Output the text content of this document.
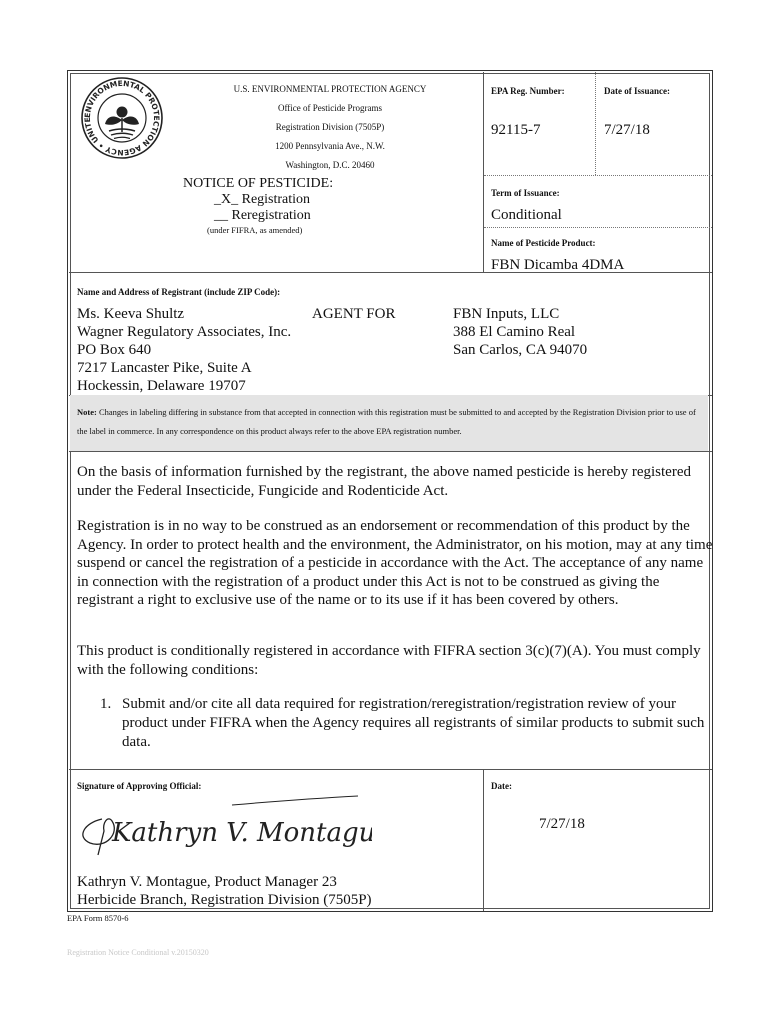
ENVIRONMENTAL PROTECTION AGENCY • UNITE
U.S. ENVIRONMENTAL PROTECTION AGENCY
Office of Pesticide Programs
Registration Division (7505P)
1200 Pennsylvania Ave., N.W.
Washington, D.C. 20460
NOTICE OF PESTICIDE:
_X_ Registration
__ Reregistration
(under FIFRA, as amended)
EPA Reg. Number:
92115-7
Date of Issuance:
7/27/18
Term of Issuance:
Conditional
Name of Pesticide Product:
FBN Dicamba 4DMA
Name and Address of Registrant (include ZIP Code):
Ms. Keeva Shultz
Wagner Regulatory Associates, Inc.
PO Box 640
7217 Lancaster Pike, Suite A
Hockessin, Delaware 19707
AGENT FOR	FBN Inputs, LLC
388 El Camino Real
San Carlos, CA 94070
Note: Changes in labeling differing in substance from that accepted in connection with this registration must be submitted to and accepted by the Registration Division prior to use of the label in commerce. In any correspondence on this product always refer to the above EPA registration number.
On the basis of information furnished by the registrant, the above named pesticide is hereby registered under the Federal Insecticide, Fungicide and Rodenticide Act.
Registration is in no way to be construed as an endorsement or recommendation of this product by the Agency. In order to protect health and the environment, the Administrator, on his motion, may at any time suspend or cancel the registration of a pesticide in accordance with the Act. The acceptance of any name in connection with the registration of a product under this Act is not to be construed as giving the registrant a right to exclusive use of the name or to its use if it has been covered by others.
This product is conditionally registered in accordance with FIFRA section 3(c)(7)(A). You must comply with the following conditions:
1. Submit and/or cite all data required for registration/reregistration/registration review of your product under FIFRA when the Agency requires all registrants of similar products to submit such data.
Signature of Approving Official:
Kathryn V. Montague
Kathryn V. Montague, Product Manager 23
Herbicide Branch, Registration Division (7505P)
Date:
7/27/18
EPA Form 8570-6
Registration Notice Conditional v.20150320
